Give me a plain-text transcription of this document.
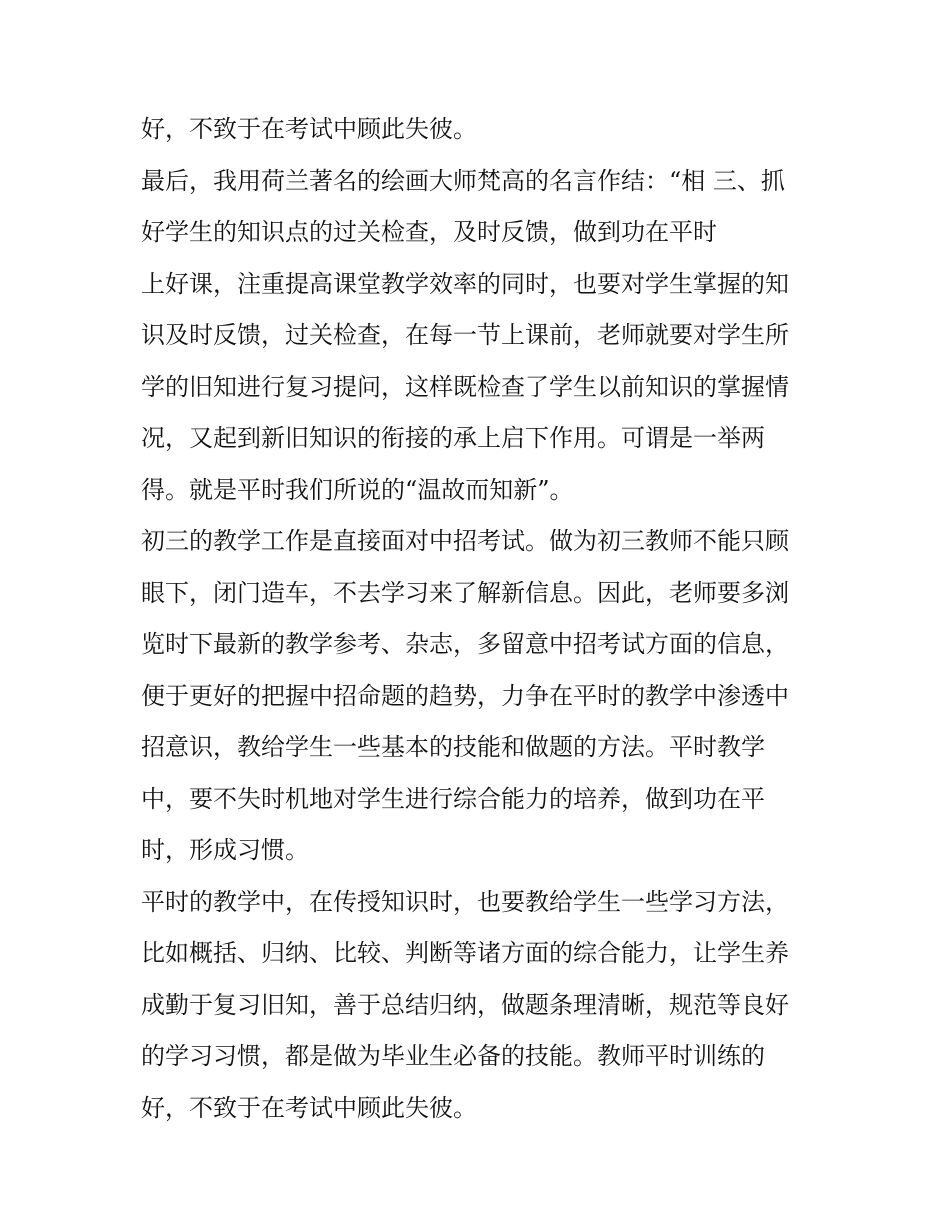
好，不致于在考试中顾此失彼。
最后，我用荷兰著名的绘画大师梵高的名言作结：“相 三、抓
好学生的知识点的过关检查，及时反馈，做到功在平时
上好课，注重提高课堂教学效率的同时，也要对学生掌握的知
识及时反馈，过关检查，在每一节上课前，老师就要对学生所
学的旧知进行复习提问，这样既检查了学生以前知识的掌握情
况，又起到新旧知识的衔接的承上启下作用。可谓是一举两
得。就是平时我们所说的“温故而知新”。
初三的教学工作是直接面对中招考试。做为初三教师不能只顾
眼下，闭门造车，不去学习来了解新信息。因此，老师要多浏
览时下最新的教学参考、杂志，多留意中招考试方面的信息，
便于更好的把握中招命题的趋势，力争在平时的教学中渗透中
招意识，教给学生一些基本的技能和做题的方法。平时教学
中，要不失时机地对学生进行综合能力的培养，做到功在平
时，形成习惯。
平时的教学中，在传授知识时，也要教给学生一些学习方法，
比如概括、归纳、比较、判断等诸方面的综合能力，让学生养
成勤于复习旧知，善于总结归纳，做题条理清晰，规范等良好
的学习习惯，都是做为毕业生必备的技能。教师平时训练的
好，不致于在考试中顾此失彼。
